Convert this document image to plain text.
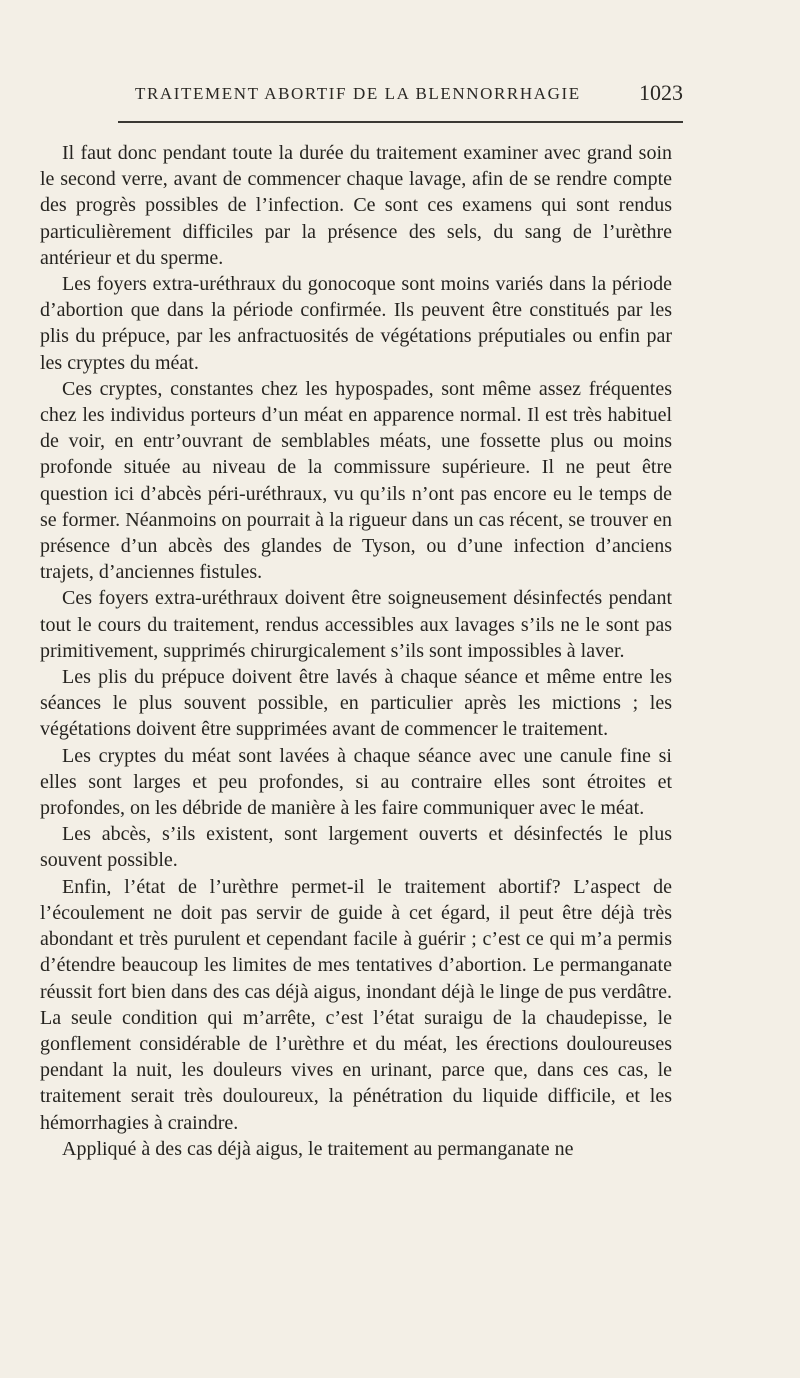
TRAITEMENT ABORTIF DE LA BLENNORRHAGIE	1023

Il faut donc pendant toute la durée du traitement examiner avec grand soin le second verre, avant de commencer chaque lavage, afin de se rendre compte des progrès possibles de l’infection. Ce sont ces examens qui sont rendus particulièrement difficiles par la présence des sels, du sang de l’urèthre antérieur et du sperme.

Les foyers extra-uréthraux du gonocoque sont moins variés dans la période d’abortion que dans la période confirmée. Ils peuvent être constitués par les plis du prépuce, par les anfractuosités de végétations préputiales ou enfin par les cryptes du méat.

Ces cryptes, constantes chez les hypospades, sont même assez fréquentes chez les individus porteurs d’un méat en apparence normal. Il est très habituel de voir, en entr’ouvrant de semblables méats, une fossette plus ou moins profonde située au niveau de la commissure supérieure. Il ne peut être question ici d’abcès péri-uréthraux, vu qu’ils n’ont pas encore eu le temps de se former. Néanmoins on pourrait à la rigueur dans un cas récent, se trouver en présence d’un abcès des glandes de Tyson, ou d’une infection d’anciens trajets, d’anciennes fistules.

Ces foyers extra-uréthraux doivent être soigneusement désinfectés pendant tout le cours du traitement, rendus accessibles aux lavages s’ils ne le sont pas primitivement, supprimés chirurgicalement s’ils sont impossibles à laver.

Les plis du prépuce doivent être lavés à chaque séance et même entre les séances le plus souvent possible, en particulier après les mictions ; les végétations doivent être supprimées avant de commencer le traitement.

Les cryptes du méat sont lavées à chaque séance avec une canule fine si elles sont larges et peu profondes, si au contraire elles sont étroites et profondes, on les débride de manière à les faire communiquer avec le méat.

Les abcès, s’ils existent, sont largement ouverts et désinfectés le plus souvent possible.

Enfin, l’état de l’urèthre permet-il le traitement abortif? L’aspect de l’écoulement ne doit pas servir de guide à cet égard, il peut être déjà très abondant et très purulent et cependant facile à guérir ; c’est ce qui m’a permis d’étendre beaucoup les limites de mes tentatives d’abortion. Le permanganate réussit fort bien dans des cas déjà aigus, inondant déjà le linge de pus verdâtre. La seule condition qui m’arrête, c’est l’état suraigu de la chaudepisse, le gonflement considérable de l’urèthre et du méat, les érections douloureuses pendant la nuit, les douleurs vives en urinant, parce que, dans ces cas, le traitement serait très douloureux, la pénétration du liquide difficile, et les hémorrhagies à craindre.

Appliqué à des cas déjà aigus, le traitement au permanganate ne
